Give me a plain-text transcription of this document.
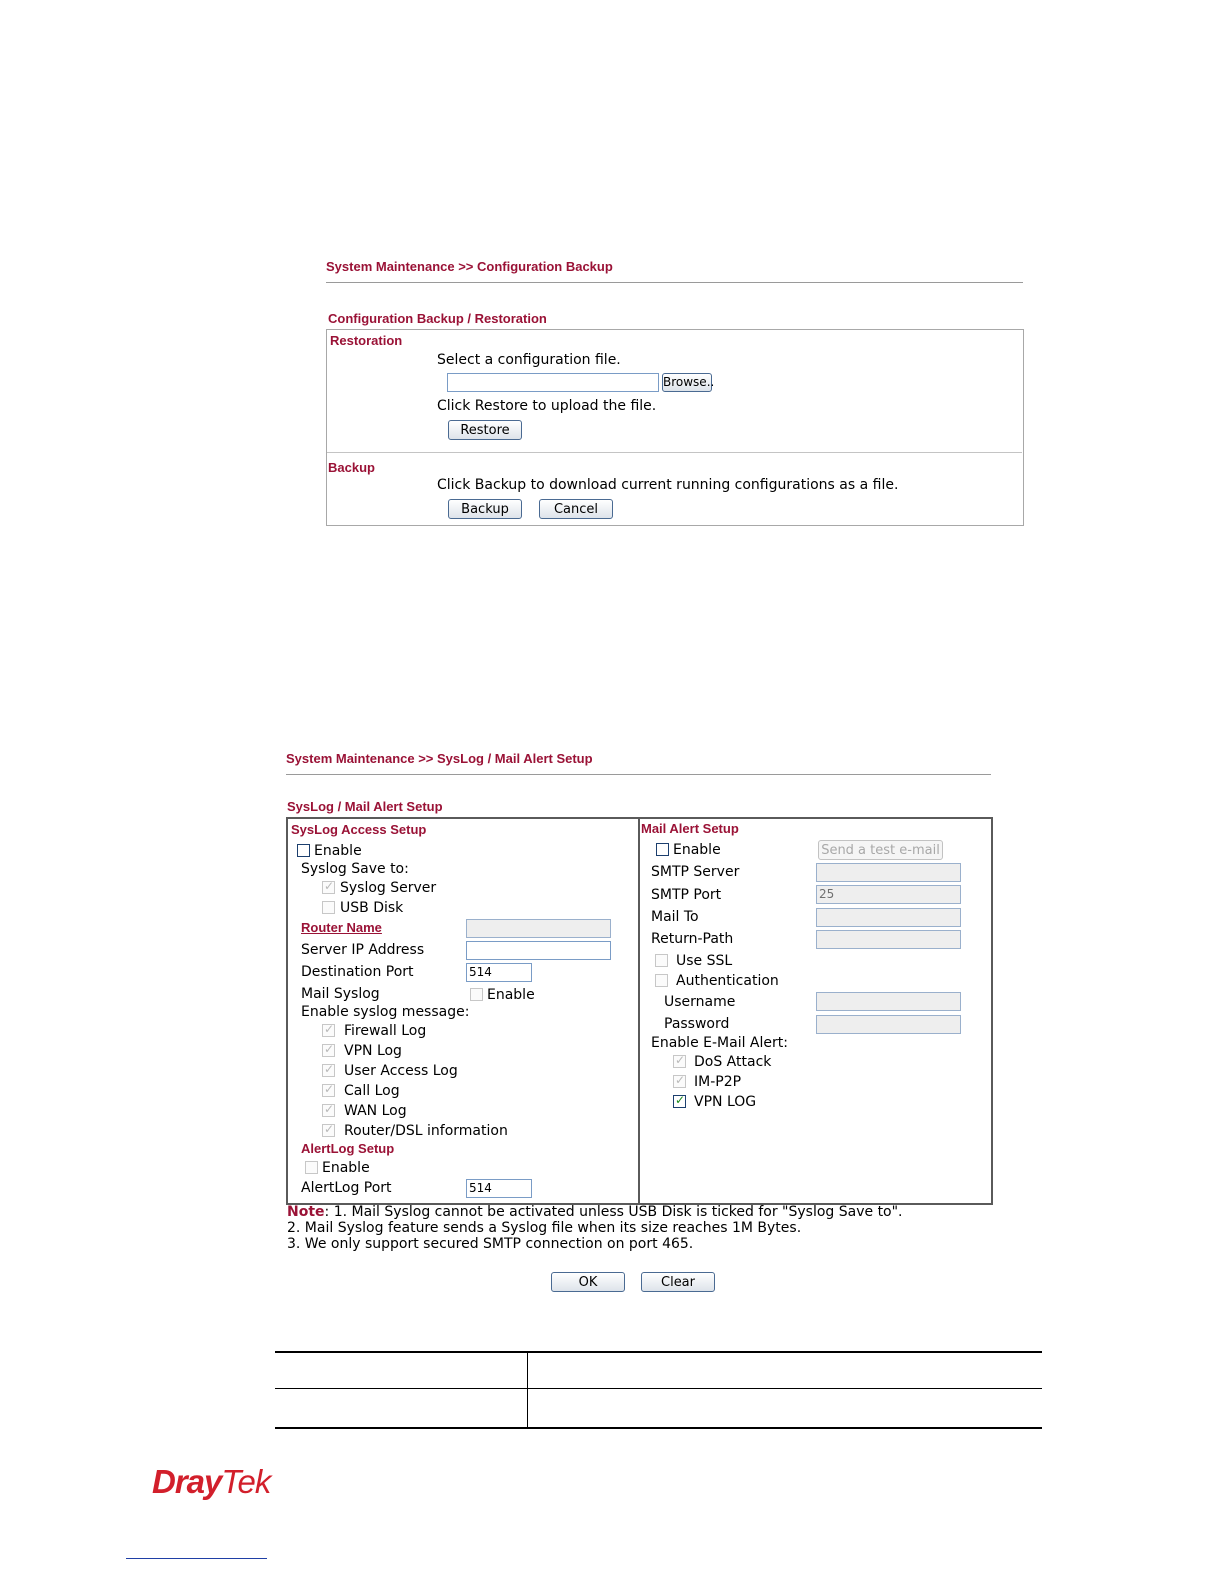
System Maintenance >> Configuration Backup
Configuration Backup / Restoration
Restoration
Select a configuration file.
Browse..
Click Restore to upload the file.
Restore
Backup
Click Backup to download current running configurations as a file.
Backup	Cancel
System Maintenance >> SysLog / Mail Alert Setup
SysLog / Mail Alert Setup
SysLog Access Setup
Enable
Syslog Save to:
✓ Syslog Server
USB Disk
Router Name
Server IP Address
Destination Port	514
Mail Syslog	Enable
Enable syslog message:
✓ Firewall Log
✓ VPN Log
✓ User Access Log
✓ Call Log
✓ WAN Log
✓ Router/DSL information
AlertLog Setup
Enable
AlertLog Port	514
Mail Alert Setup
Enable	Send a test e-mail
SMTP Server
SMTP Port	25
Mail To
Return-Path
Use SSL
Authentication
Username
Password
Enable E-Mail Alert:
✓ DoS Attack
✓ IM-P2P
✓ VPN LOG
Note: 1. Mail Syslog cannot be activated unless USB Disk is ticked for "Syslog Save to".
2. Mail Syslog feature sends a Syslog file when its size reaches 1M Bytes.
3. We only support secured SMTP connection on port 465.
OK	Clear
DrayTek
